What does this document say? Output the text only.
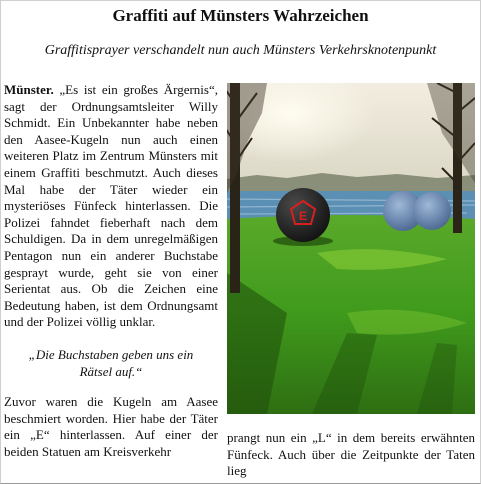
Graffiti auf Münsters Wahrzeichen
Graffitisprayer verschandelt nun auch Münsters Verkehrsknotenpunkt

Münster. „Es ist ein großes Ärgernis“, sagt der Ordnungsamtsleiter Willy Schmidt. Ein Unbekannter habe neben den Aasee-Kugeln nun auch einen weiteren Platz im Zentrum Münsters mit einem Graffiti beschmutzt. Auch dieses Mal habe der Täter wieder ein mysteriöses Fünfeck hinterlassen. Die Polizei fahndet fieberhaft nach dem Schuldigen. Da in dem unregelmäßigen Pentagon nun ein anderer Buchstabe gesprayt wurde, geht sie von einer Serientat aus. Ob die Zeichen eine Bedeutung haben, ist dem Ordnungsamt und der Polizei völlig unklar.

„Die Buchstaben geben uns ein Rätsel auf.“

Zuvor waren die Kugeln am Aasee beschmiert worden. Hier habe der Täter ein „E“ hinterlassen. Auf einer der beiden Statuen am Kreisverkehr

E

prangt nun ein „L“ in dem bereits erwähnten Fünfeck. Auch über die Zeitpunkte der Taten lieg
